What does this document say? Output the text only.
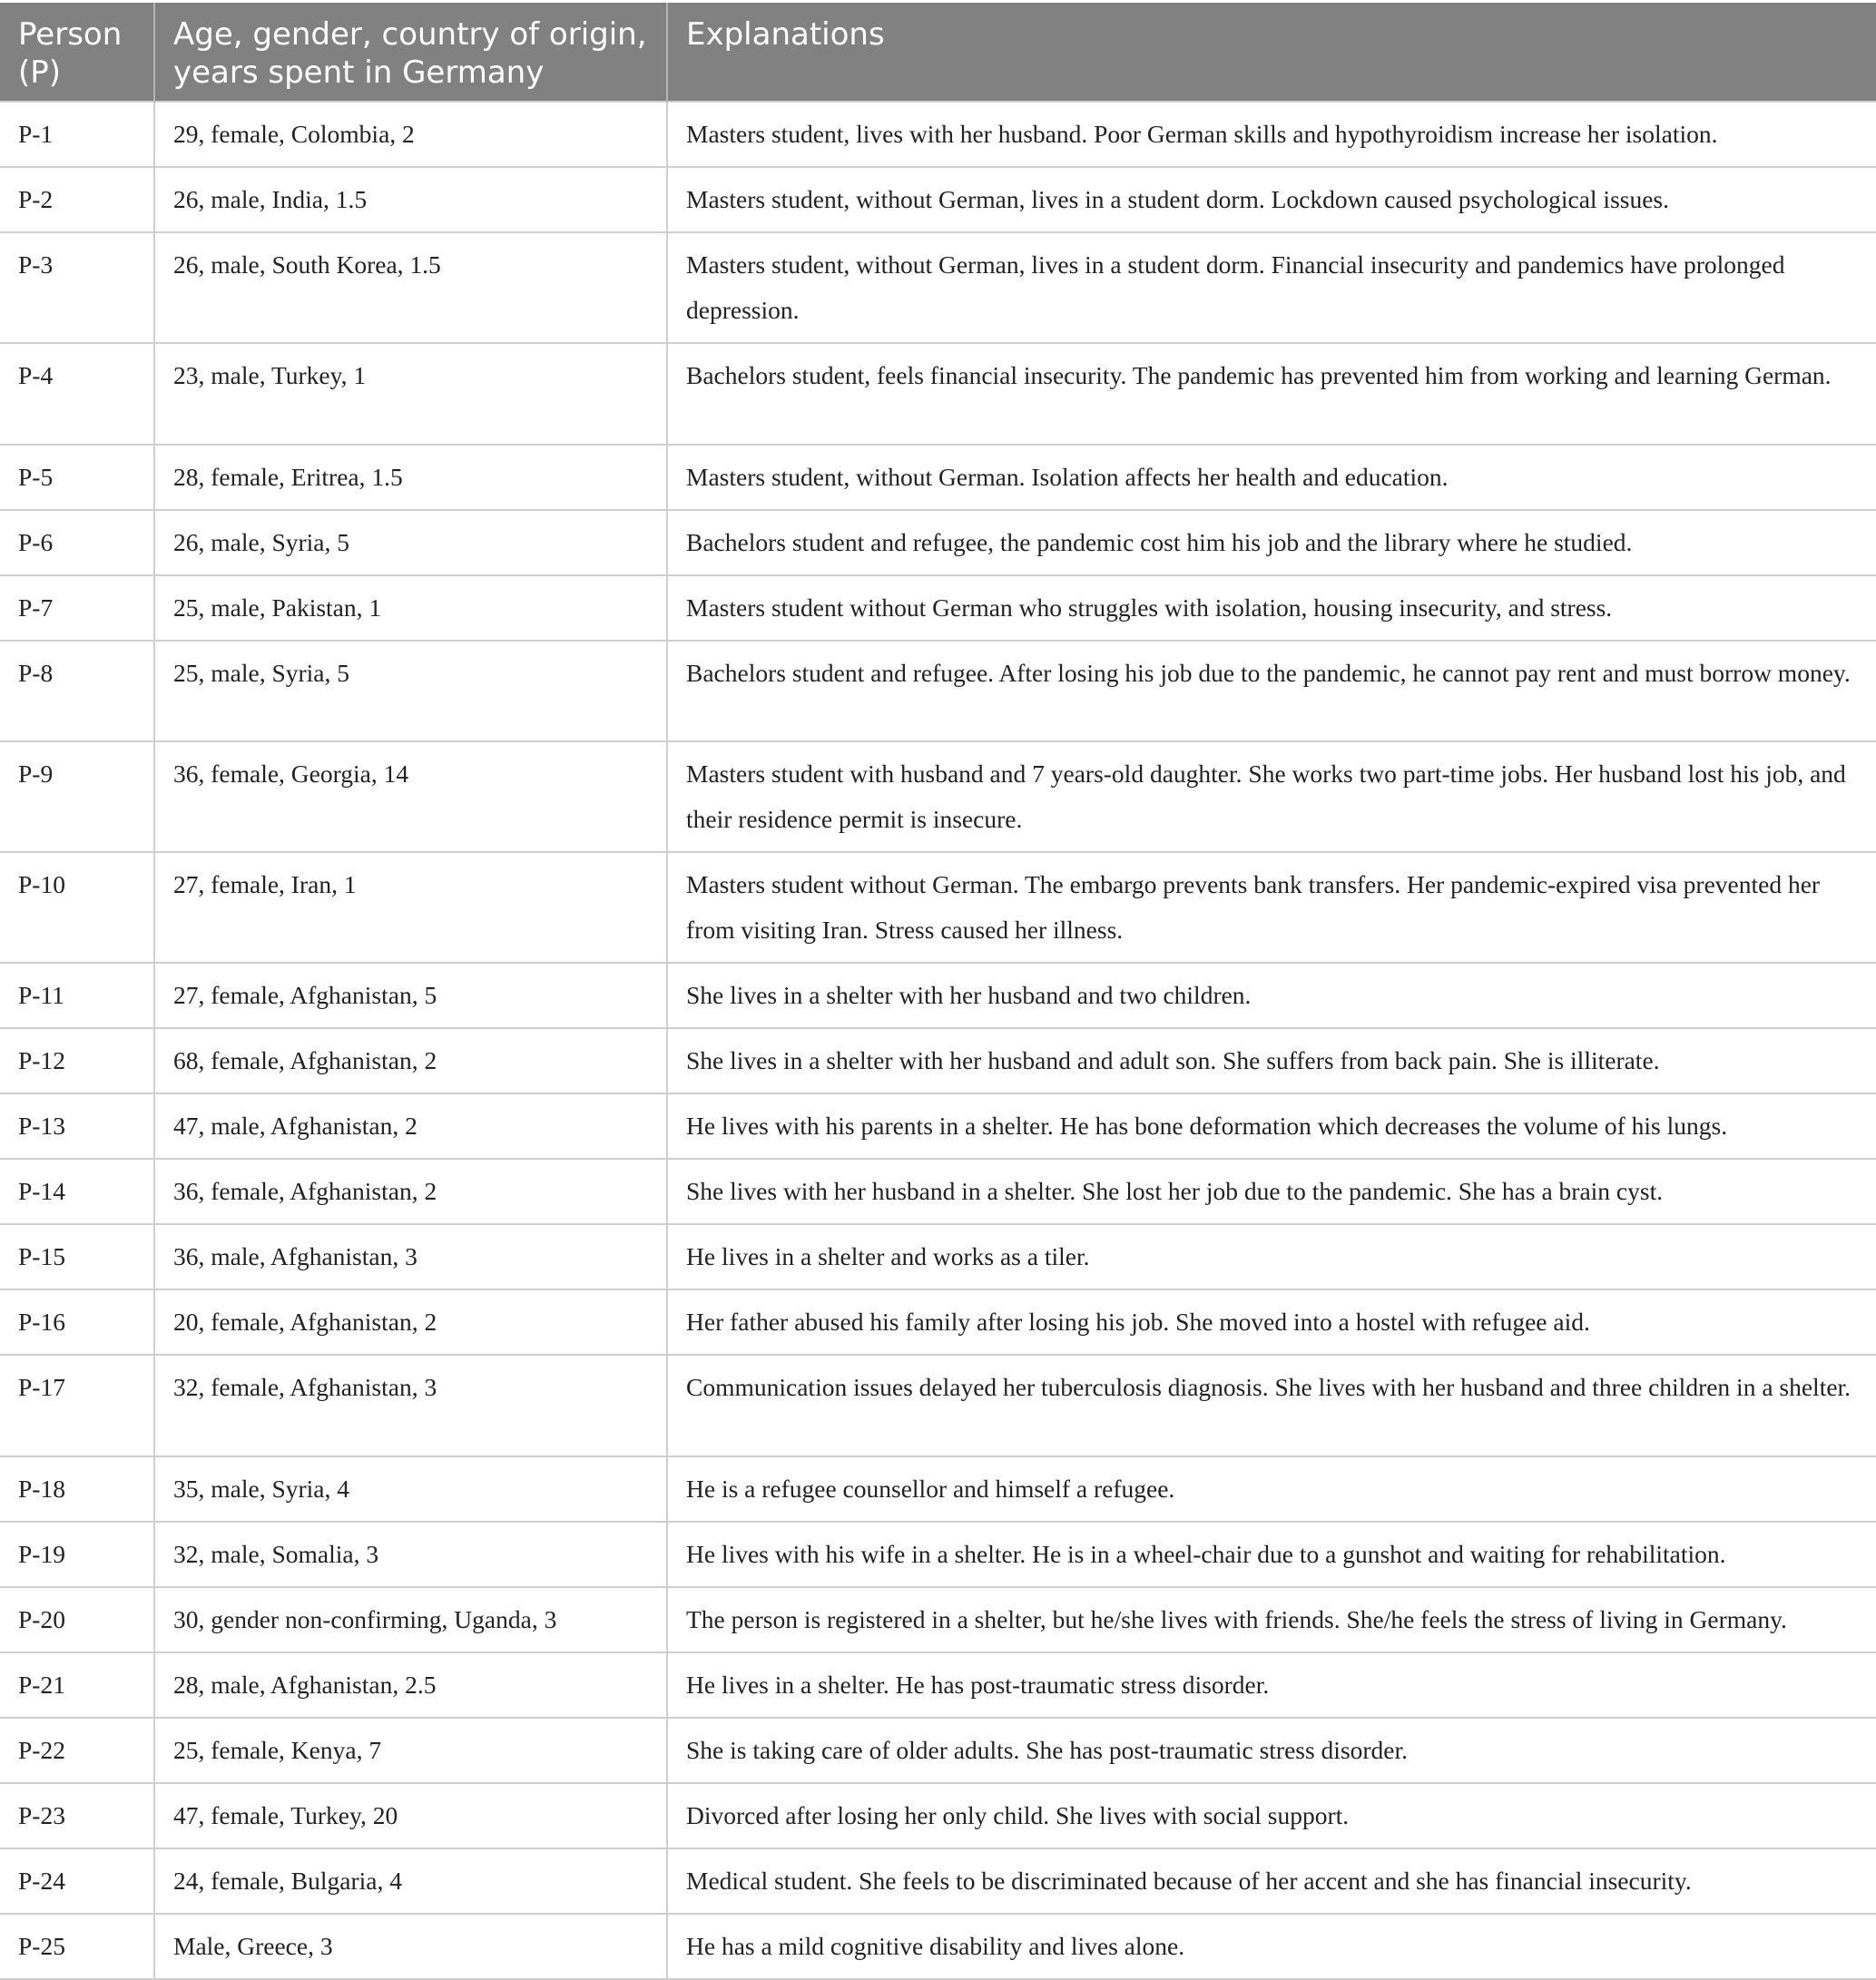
Person (P)	Age, gender, country of origin, years spent in Germany	Explanations
P-1	29, female, Colombia, 2	Masters student, lives with her husband. Poor German skills and hypothyroidism increase her isolation.
P-2	26, male, India, 1.5	Masters student, without German, lives in a student dorm. Lockdown caused psychological issues.
P-3	26, male, South Korea, 1.5	Masters student, without German, lives in a student dorm. Financial insecurity and pandemics have prolonged depression.
P-4	23, male, Turkey, 1	Bachelors student, feels financial insecurity. The pandemic has prevented him from working and learning German.
P-5	28, female, Eritrea, 1.5	Masters student, without German. Isolation affects her health and education.
P-6	26, male, Syria, 5	Bachelors student and refugee, the pandemic cost him his job and the library where he studied.
P-7	25, male, Pakistan, 1	Masters student without German who struggles with isolation, housing insecurity, and stress.
P-8	25, male, Syria, 5	Bachelors student and refugee. After losing his job due to the pandemic, he cannot pay rent and must borrow money.
P-9	36, female, Georgia, 14	Masters student with husband and 7 years-old daughter. She works two part-time jobs. Her husband lost his job, and their residence permit is insecure.
P-10	27, female, Iran, 1	Masters student without German. The embargo prevents bank transfers. Her pandemic-expired visa prevented her from visiting Iran. Stress caused her illness.
P-11	27, female, Afghanistan, 5	She lives in a shelter with her husband and two children.
P-12	68, female, Afghanistan, 2	She lives in a shelter with her husband and adult son. She suffers from back pain. She is illiterate.
P-13	47, male, Afghanistan, 2	He lives with his parents in a shelter. He has bone deformation which decreases the volume of his lungs.
P-14	36, female, Afghanistan, 2	She lives with her husband in a shelter. She lost her job due to the pandemic. She has a brain cyst.
P-15	36, male, Afghanistan, 3	He lives in a shelter and works as a tiler.
P-16	20, female, Afghanistan, 2	Her father abused his family after losing his job. She moved into a hostel with refugee aid.
P-17	32, female, Afghanistan, 3	Communication issues delayed her tuberculosis diagnosis. She lives with her husband and three children in a shelter.
P-18	35, male, Syria, 4	He is a refugee counsellor and himself a refugee.
P-19	32, male, Somalia, 3	He lives with his wife in a shelter. He is in a wheel-chair due to a gunshot and waiting for rehabilitation.
P-20	30, gender non-confirming, Uganda, 3	The person is registered in a shelter, but he/she lives with friends. She/he feels the stress of living in Germany.
P-21	28, male, Afghanistan, 2.5	He lives in a shelter. He has post-traumatic stress disorder.
P-22	25, female, Kenya, 7	She is taking care of older adults. She has post-traumatic stress disorder.
P-23	47, female, Turkey, 20	Divorced after losing her only child. She lives with social support.
P-24	24, female, Bulgaria, 4	Medical student. She feels to be discriminated because of her accent and she has financial insecurity.
P-25	Male, Greece, 3	He has a mild cognitive disability and lives alone.
